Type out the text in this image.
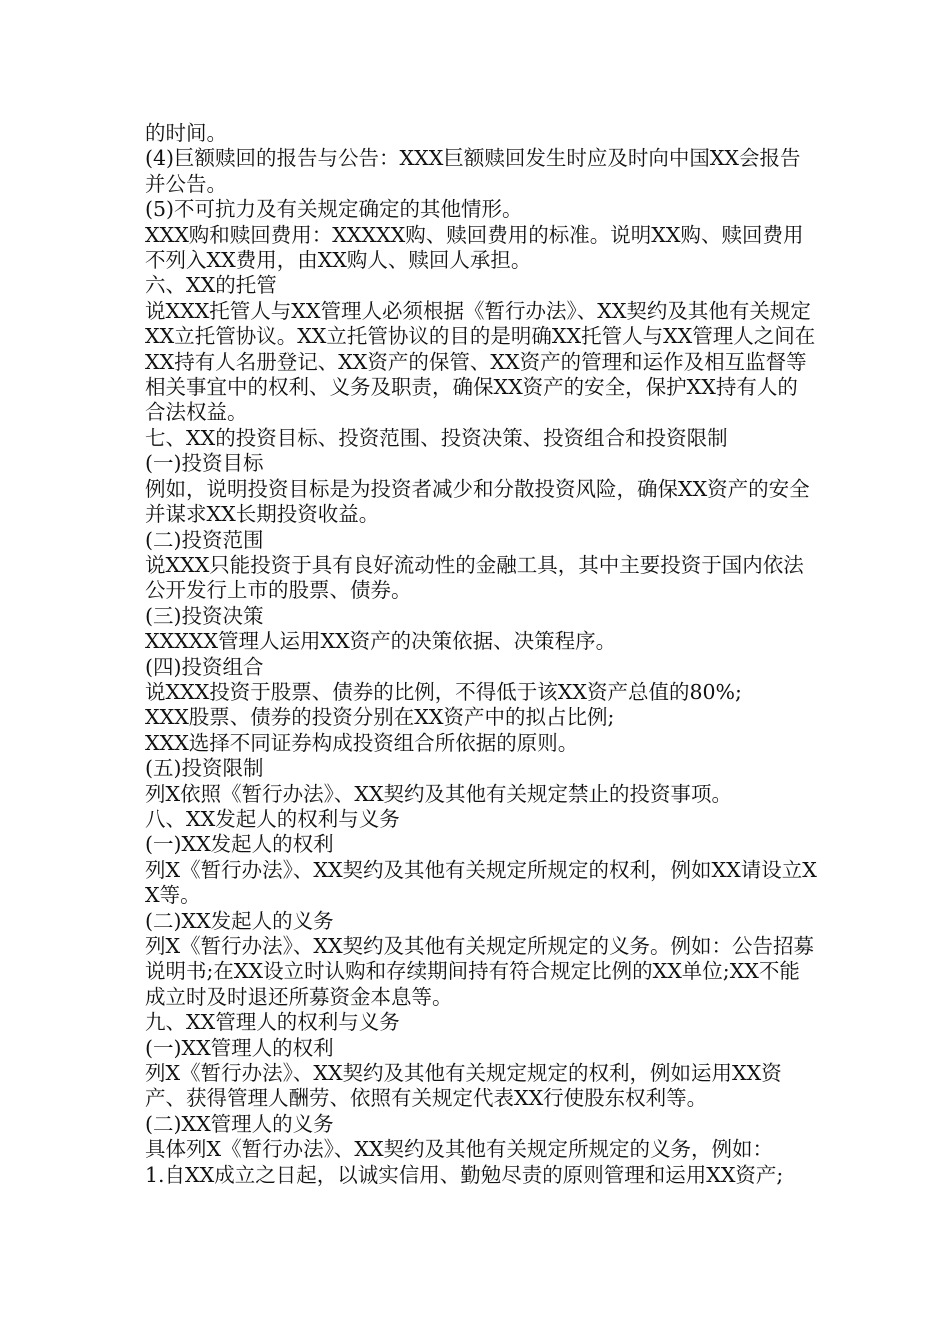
的时间。

(4)巨额赎回的报告与公告：XXX巨额赎回发生时应及时向中国XX会报告并公告。

(5)不可抗力及有关规定确定的其他情形。

XXX购和赎回费用：XXXXX购、赎回费用的标准。说明XX购、赎回费用不列入XX费用，由XX购人、赎回人承担。

六、XX的托管

说XXX托管人与XX管理人必须根据《暂行办法》、XX契约及其他有关规定XX立托管协议。XX立托管协议的目的是明确XX托管人与XX管理人之间在XX持有人名册登记、XX资产的保管、XX资产的管理和运作及相互监督等相关事宜中的权利、义务及职责，确保XX资产的安全，保护XX持有人的合法权益。

七、XX的投资目标、投资范围、投资决策、投资组合和投资限制

(一)投资目标

例如，说明投资目标是为投资者减少和分散投资风险，确保XX资产的安全并谋求XX长期投资收益。

(二)投资范围

说XXX只能投资于具有良好流动性的金融工具，其中主要投资于国内依法公开发行上市的股票、债券。

(三)投资决策

XXXXX管理人运用XX资产的决策依据、决策程序。

(四)投资组合

说XXX投资于股票、债券的比例，不得低于该XX资产总值的80%;

XXX股票、债券的投资分别在XX资产中的拟占比例;

XXX选择不同证券构成投资组合所依据的原则。

(五)投资限制

列X依照《暂行办法》、XX契约及其他有关规定禁止的投资事项。

八、XX发起人的权利与义务

(一)XX发起人的权利

列X《暂行办法》、XX契约及其他有关规定所规定的权利，例如XX请设立XX等。

(二)XX发起人的义务

列X《暂行办法》、XX契约及其他有关规定所规定的义务。例如：公告招募说明书;在XX设立时认购和存续期间持有符合规定比例的XX单位;XX不能成立时及时退还所募资金本息等。

九、XX管理人的权利与义务

(一)XX管理人的权利

列X《暂行办法》、XX契约及其他有关规定规定的权利，例如运用XX资产、获得管理人酬劳、依照有关规定代表XX行使股东权利等。

(二)XX管理人的义务

具体列X《暂行办法》、XX契约及其他有关规定所规定的义务，例如：

1.自XX成立之日起，以诚实信用、勤勉尽责的原则管理和运用XX资产;
